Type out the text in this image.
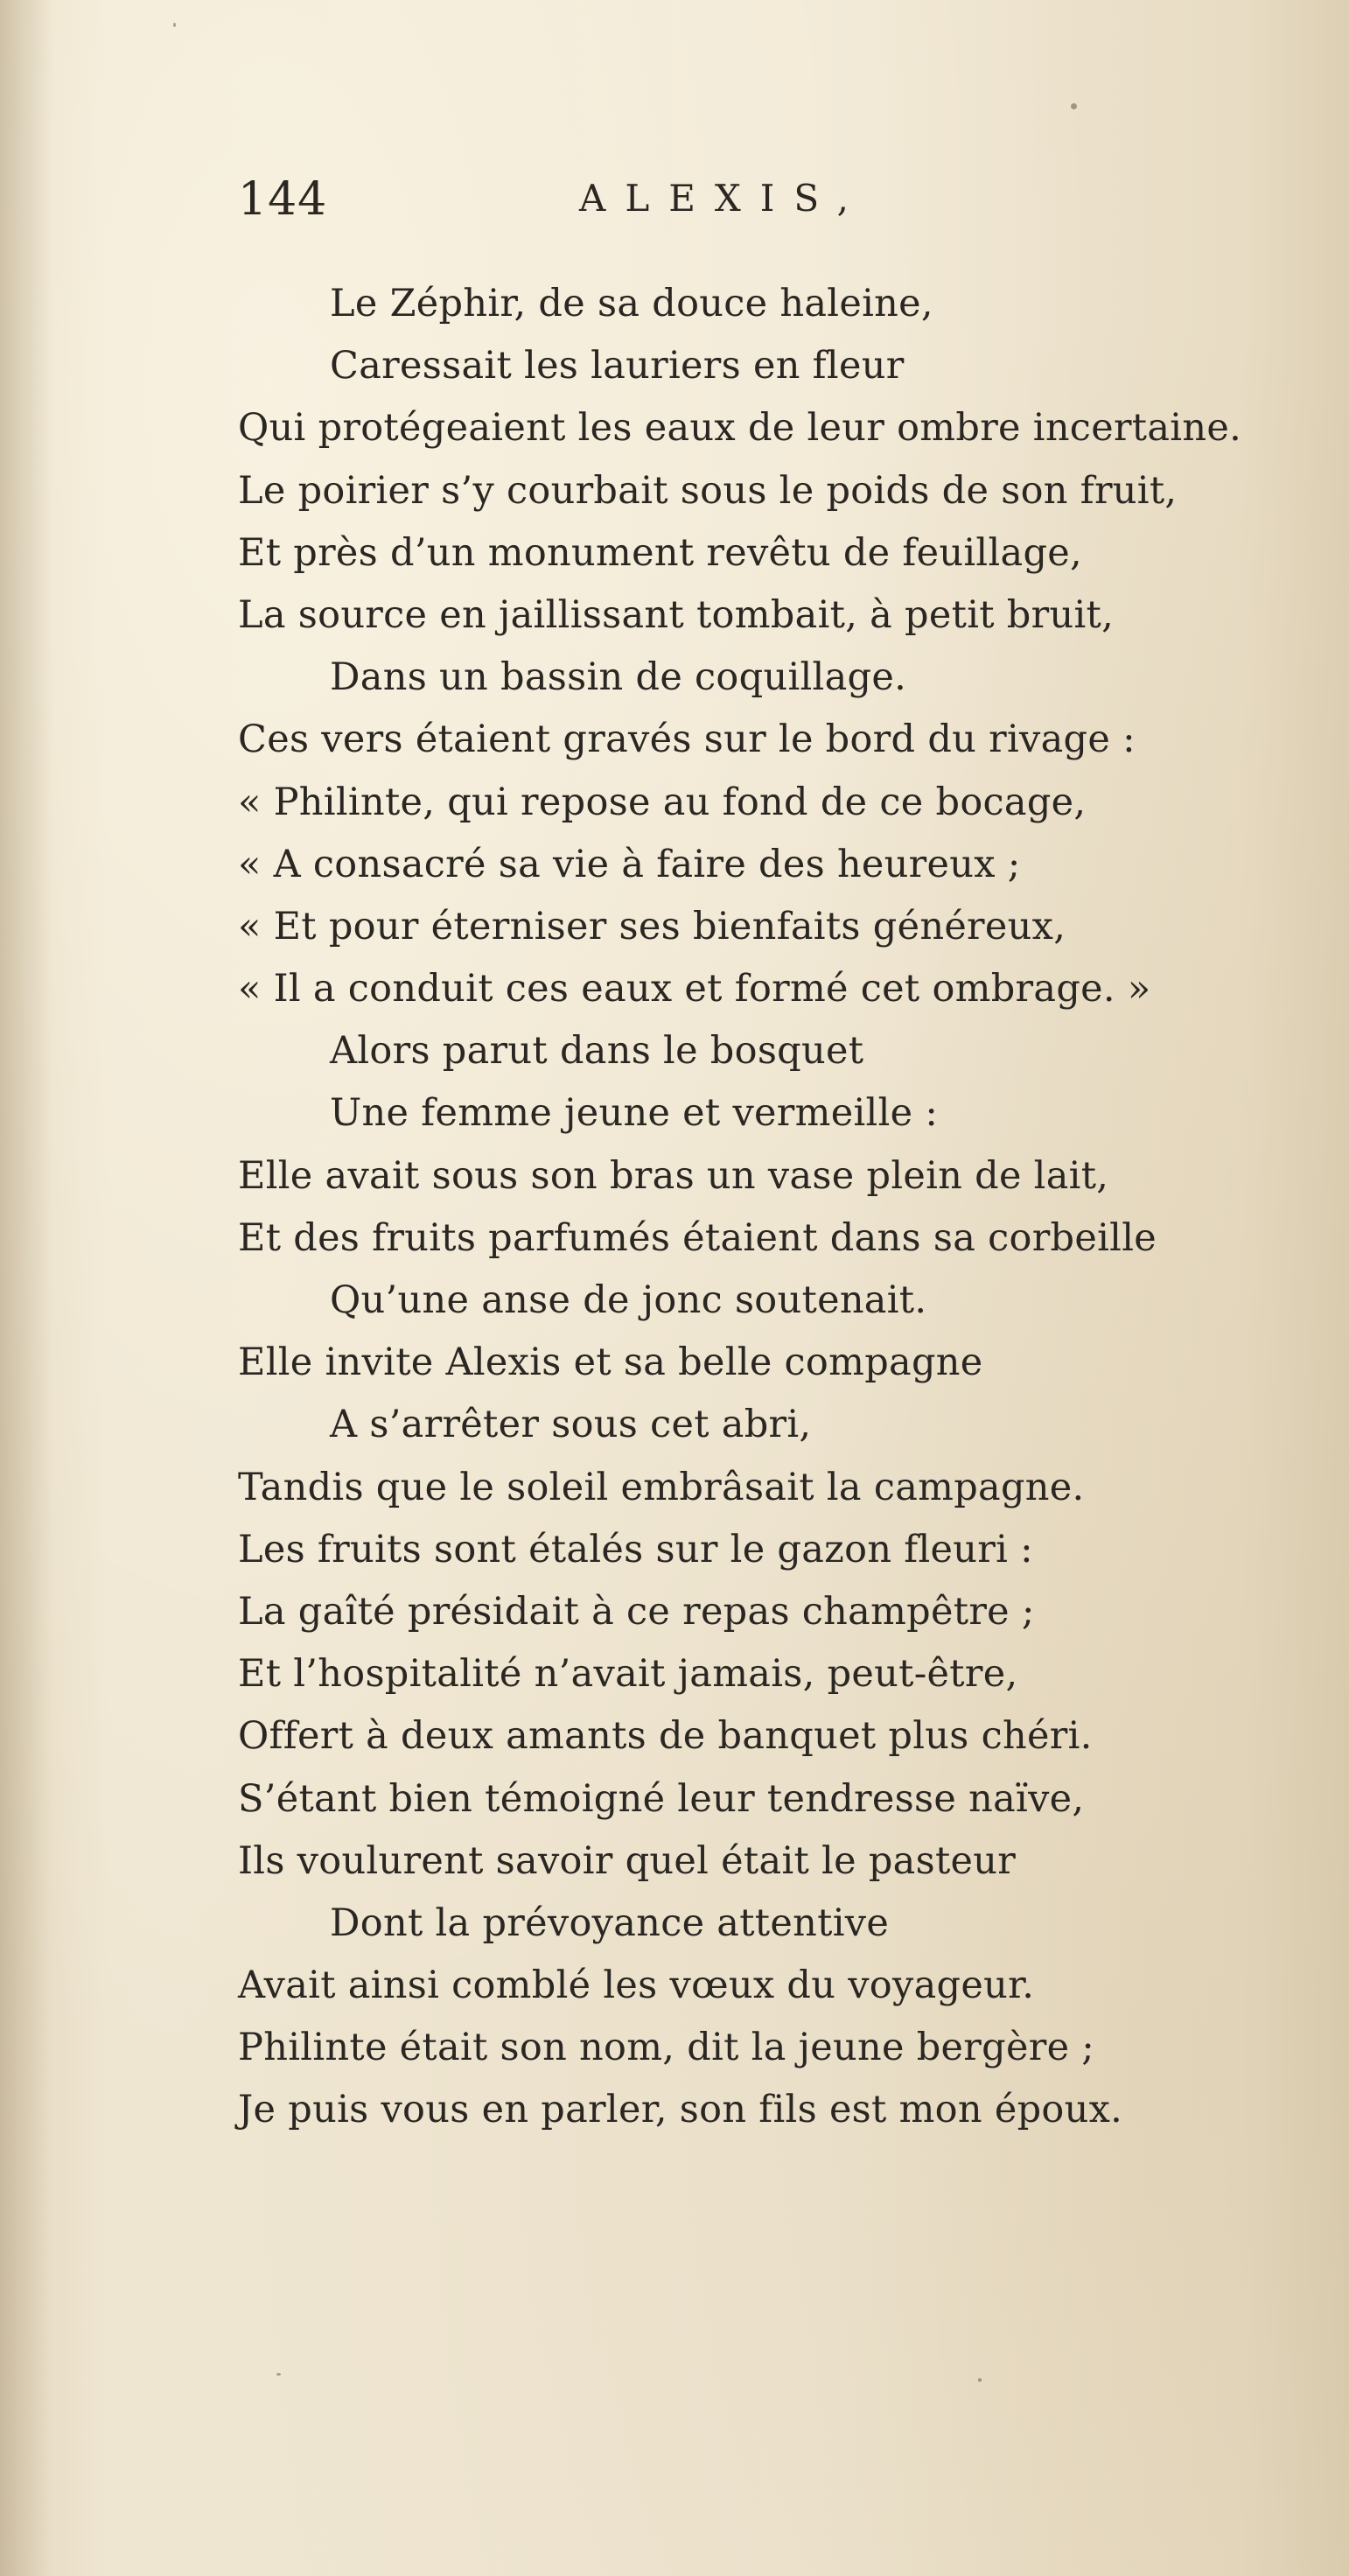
144	ALEXIS,
Le Zéphir, de sa douce haleine,
Caressait les lauriers en fleur
Qui protégeaient les eaux de leur ombre incertaine.
Le poirier s’y courbait sous le poids de son fruit,
Et près d’un monument revêtu de feuillage,
La source en jaillissant tombait, à petit bruit,
Dans un bassin de coquillage.
Ces vers étaient gravés sur le bord du rivage :
« Philinte, qui repose au fond de ce bocage,
« A consacré sa vie à faire des heureux ;
« Et pour éterniser ses bienfaits généreux,
« Il a conduit ces eaux et formé cet ombrage. »
Alors parut dans le bosquet
Une femme jeune et vermeille :
Elle avait sous son bras un vase plein de lait,
Et des fruits parfumés étaient dans sa corbeille
Qu’une anse de jonc soutenait.
Elle invite Alexis et sa belle compagne
A s’arrêter sous cet abri,
Tandis que le soleil embrâsait la campagne.
Les fruits sont étalés sur le gazon fleuri :
La gaîté présidait à ce repas champêtre ;
Et l’hospitalité n’avait jamais, peut-être,
Offert à deux amants de banquet plus chéri.
S’étant bien témoigné leur tendresse naïve,
Ils voulurent savoir quel était le pasteur
Dont la prévoyance attentive
Avait ainsi comblé les vœux du voyageur.
Philinte était son nom, dit la jeune bergère ;
Je puis vous en parler, son fils est mon époux.
